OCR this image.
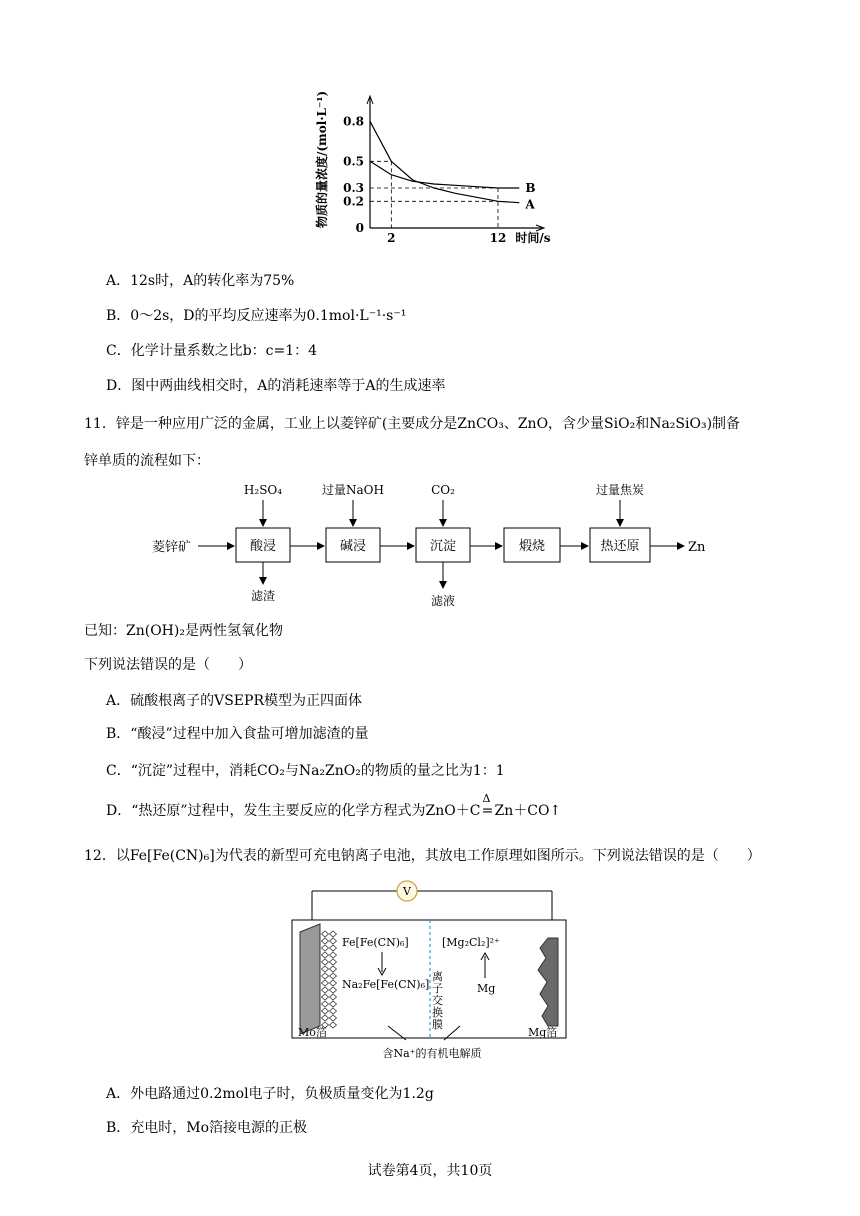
0.8
0.5
0.3
0.2
0
2	12
B
A
时间/s
物质的量浓度/(mol·L⁻¹)
A．12s时，A的转化率为75%
B．0～2s，D的平均反应速率为0.1mol·L⁻¹·s⁻¹
C．化学计量系数之比b：c=1：4
D．图中两曲线相交时，A的消耗速率等于A的生成速率
11．锌是一种应用广泛的金属，工业上以菱锌矿(主要成分是ZnCO₃、ZnO，含少量SiO₂和Na₂SiO₃)制备
锌单质的流程如下：
菱锌矿	酸浸	碱浸	沉淀	煅烧	热还原	Zn
H₂SO₄	过量NaOH	CO₂	过量焦炭
滤渣	滤液
已知：Zn(OH)₂是两性氢氧化物
下列说法错误的是（　　）
A．硫酸根离子的VSEPR模型为正四面体
B．“酸浸”过程中加入食盐可增加滤渣的量
C．“沉淀”过程中，消耗CO₂与Na₂ZnO₂的物质的量之比为1：1
D．“热还原”过程中，发生主要反应的化学方程式为ZnO＋C
Δ
=Zn＋CO↑
12．以Fe[Fe(CN)₆]为代表的新型可充电钠离子电池，其放电工作原理如图所示。下列说法错误的是（　　）
V
Fe[Fe(CN)₆]
Na₂Fe[Fe(CN)₆]
[Mg₂Cl₂]²⁺
Mg
离子交换膜
Mo箔	Mg箔
含Na⁺的有机电解质
A．外电路通过0.2mol电子时，负极质量变化为1.2g
B．充电时，Mo箔接电源的正极
试卷第4页，共10页
